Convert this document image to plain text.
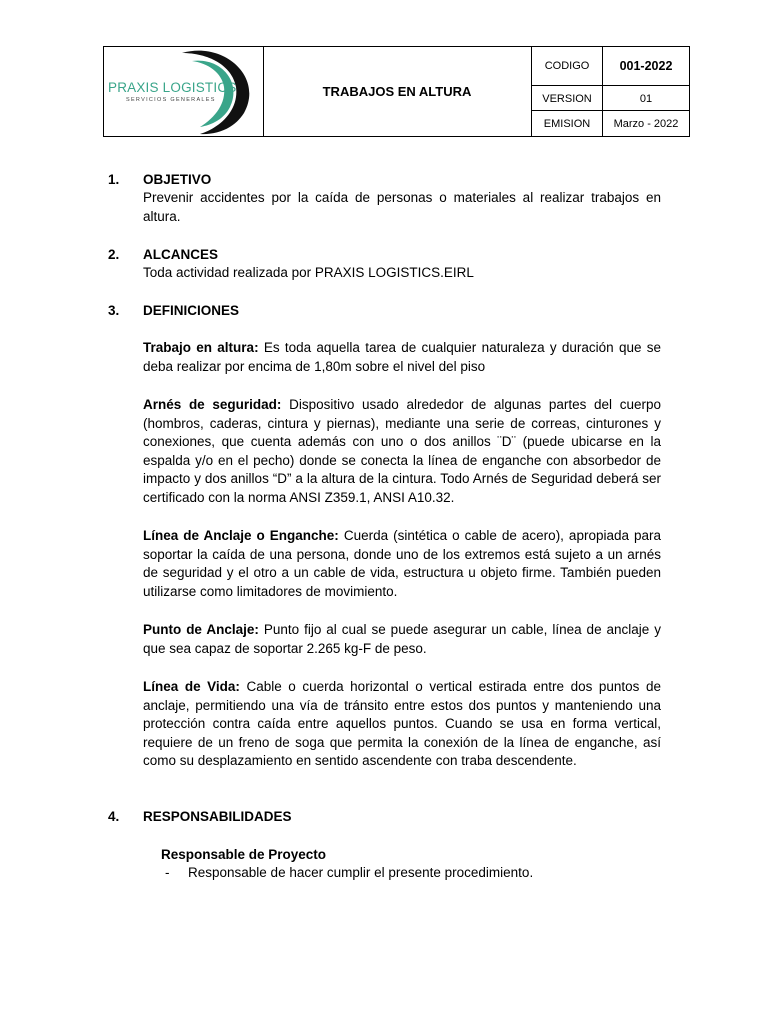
PRAXIS LOGISTICS
SERVICIOS GENERALES
TRABAJOS EN ALTURA
CODIGO	001-2022
VERSION	01
EMISION	Marzo - 2022
1. OBJETIVO
Prevenir accidentes por la caída de personas o materiales al realizar trabajos en altura.
2. ALCANCES
Toda actividad realizada por PRAXIS LOGISTICS.EIRL
3. DEFINICIONES
Trabajo en altura: Es toda aquella tarea de cualquier naturaleza y duración que se deba realizar por encima de 1,80m sobre el nivel del piso
Arnés de seguridad: Dispositivo usado alrededor de algunas partes del cuerpo (hombros, caderas, cintura y piernas), mediante una serie de correas, cinturones y conexiones, que cuenta además con uno o dos anillos ¨D¨ (puede ubicarse en la espalda y/o en el pecho) donde se conecta la línea de enganche con absorbedor de impacto y dos anillos “D” a la altura de la cintura. Todo Arnés de Seguridad deberá ser certificado con la norma ANSI Z359.1, ANSI A10.32.
Línea de Anclaje o Enganche: Cuerda (sintética o cable de acero), apropiada para soportar la caída de una persona, donde uno de los extremos está sujeto a un arnés de seguridad y el otro a un cable de vida, estructura u objeto firme. También pueden utilizarse como limitadores de movimiento.
Punto de Anclaje: Punto fijo al cual se puede asegurar un cable, línea de anclaje y que sea capaz de soportar 2.265 kg-F de peso.
Línea de Vida: Cable o cuerda horizontal o vertical estirada entre dos puntos de anclaje, permitiendo una vía de tránsito entre estos dos puntos y manteniendo una protección contra caída entre aquellos puntos. Cuando se usa en forma vertical, requiere de un freno de soga que permita la conexión de la línea de enganche, así como su desplazamiento en sentido ascendente con traba descendente.
4. RESPONSABILIDADES
Responsable de Proyecto
- Responsable de hacer cumplir el presente procedimiento.
